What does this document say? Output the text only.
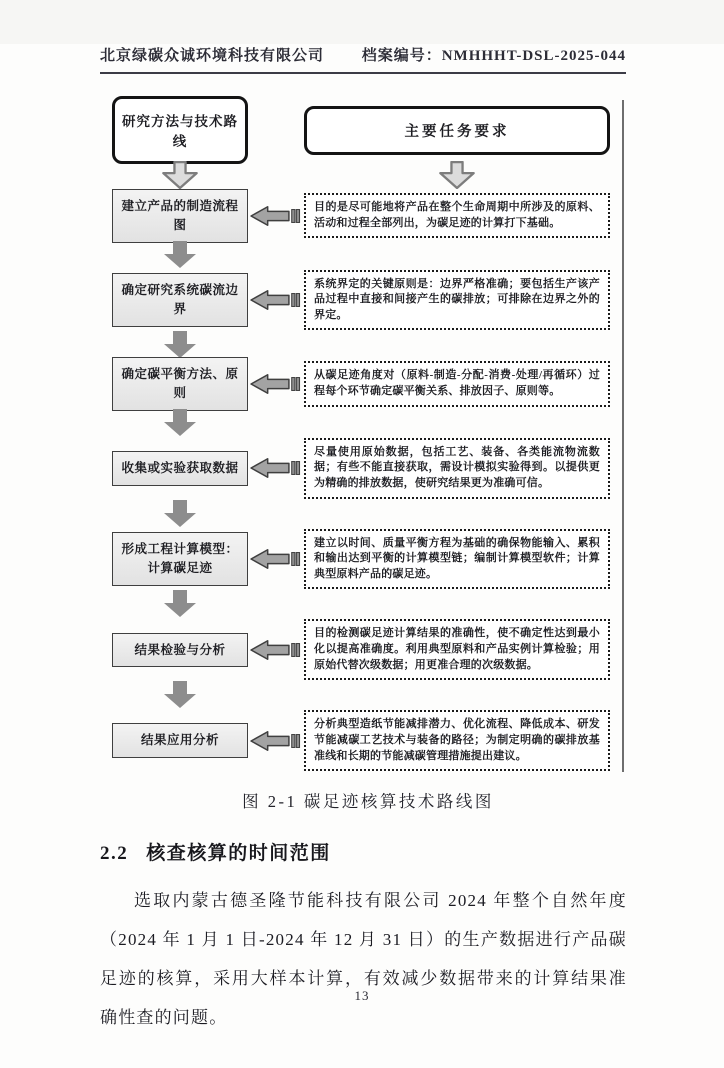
北京绿碳众诚环境科技有限公司	档案编号：NMHHHT-DSL-2025-044
研究方法与技术路线
主要任务要求
建立产品的制造流程图
目的是尽可能地将产品在整个生命周期中所涉及的原料、活动和过程全部列出，为碳足迹的计算打下基础。
确定研究系统碳流边界
系统界定的关键原则是：边界严格准确；要包括生产该产品过程中直接和间接产生的碳排放；可排除在边界之外的界定。
确定碳平衡方法、原则
从碳足迹角度对（原料-制造-分配-消费-处理/再循环）过程每个环节确定碳平衡关系、排放因子、原则等。
收集或实验获取数据
尽量使用原始数据，包括工艺、装备、各类能流物流数据；有些不能直接获取，需设计模拟实验得到。以提供更为精确的排放数据，使研究结果更为准确可信。
形成工程计算模型：计算碳足迹
建立以时间、质量平衡方程为基础的确保物能输入、累积和输出达到平衡的计算模型链；编制计算模型软件；计算典型原料产品的碳足迹。
结果检验与分析
目的检测碳足迹计算结果的准确性，使不确定性达到最小化以提高准确度。利用典型原料和产品实例计算检验；用原始代替次级数据；用更准合理的次级数据。
结果应用分析
分析典型造纸节能减排潜力、优化流程、降低成本、研发节能减碳工艺技术与装备的路径；为制定明确的碳排放基准线和长期的节能减碳管理措施提出建议。
图 2-1 碳足迹核算技术路线图
2.2 核查核算的时间范围

选取内蒙古德圣隆节能科技有限公司 2024 年整个自然年度（2024 年 1 月 1 日-2024 年 12 月 31 日）的生产数据进行产品碳足迹的核算，采用大样本计算，有效减少数据带来的计算结果准确性查的问题。

13
